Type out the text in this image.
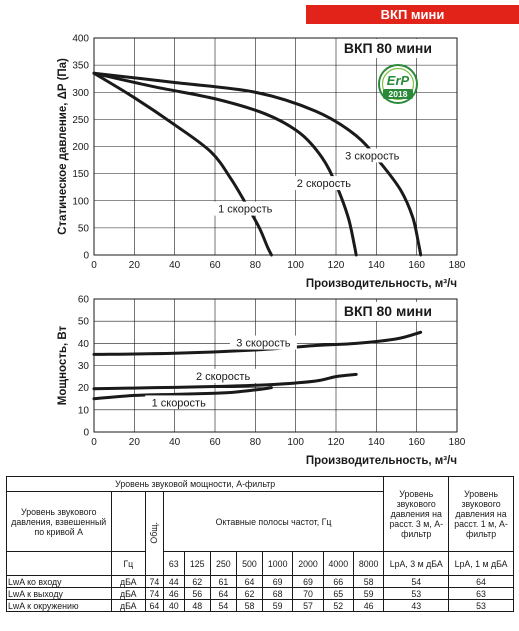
ВКП мини
0	20	40	60	80	100 120 140 160 180
0
50
100
150
200
250
300
350
400
Производительность, м³/ч
Статическое давление, ΔP (Па)
ВКП 80 мини
ErP
2018
1 скорость
2 скорость
3 скорость
0	20	40	60	80	100 120 140 160 180
0
10
20
30
40
50
60
Производительность, м³/ч
Мощность, Вт
ВКП 80 мини
1 скорость
2 скорость
3 скорость
Уровень звуковой мощности, А-фильтр											Уровень звукового давления на расст. 3 м, А-фильтр	Уровень звукового давления на расст. 1 м, А-фильтр
Уровень звукового давления, взвешенный по кривой А		Общ.	Октавные полосы частот, Гц									

	Гц		63	125	250	500	1000	2000	4000	8000	LpA, 3 м дБА	LpA, 1 м дБА
LwA ко входу	дБА	74	44	62	61	64	69	69	66	58	54	64
LwA к выходу	дБА	74	46	56	64	62	68	70	65	59	53	63
LwA к окружению	дБА	64	40	48	54	58	59	57	52	46	43	53
